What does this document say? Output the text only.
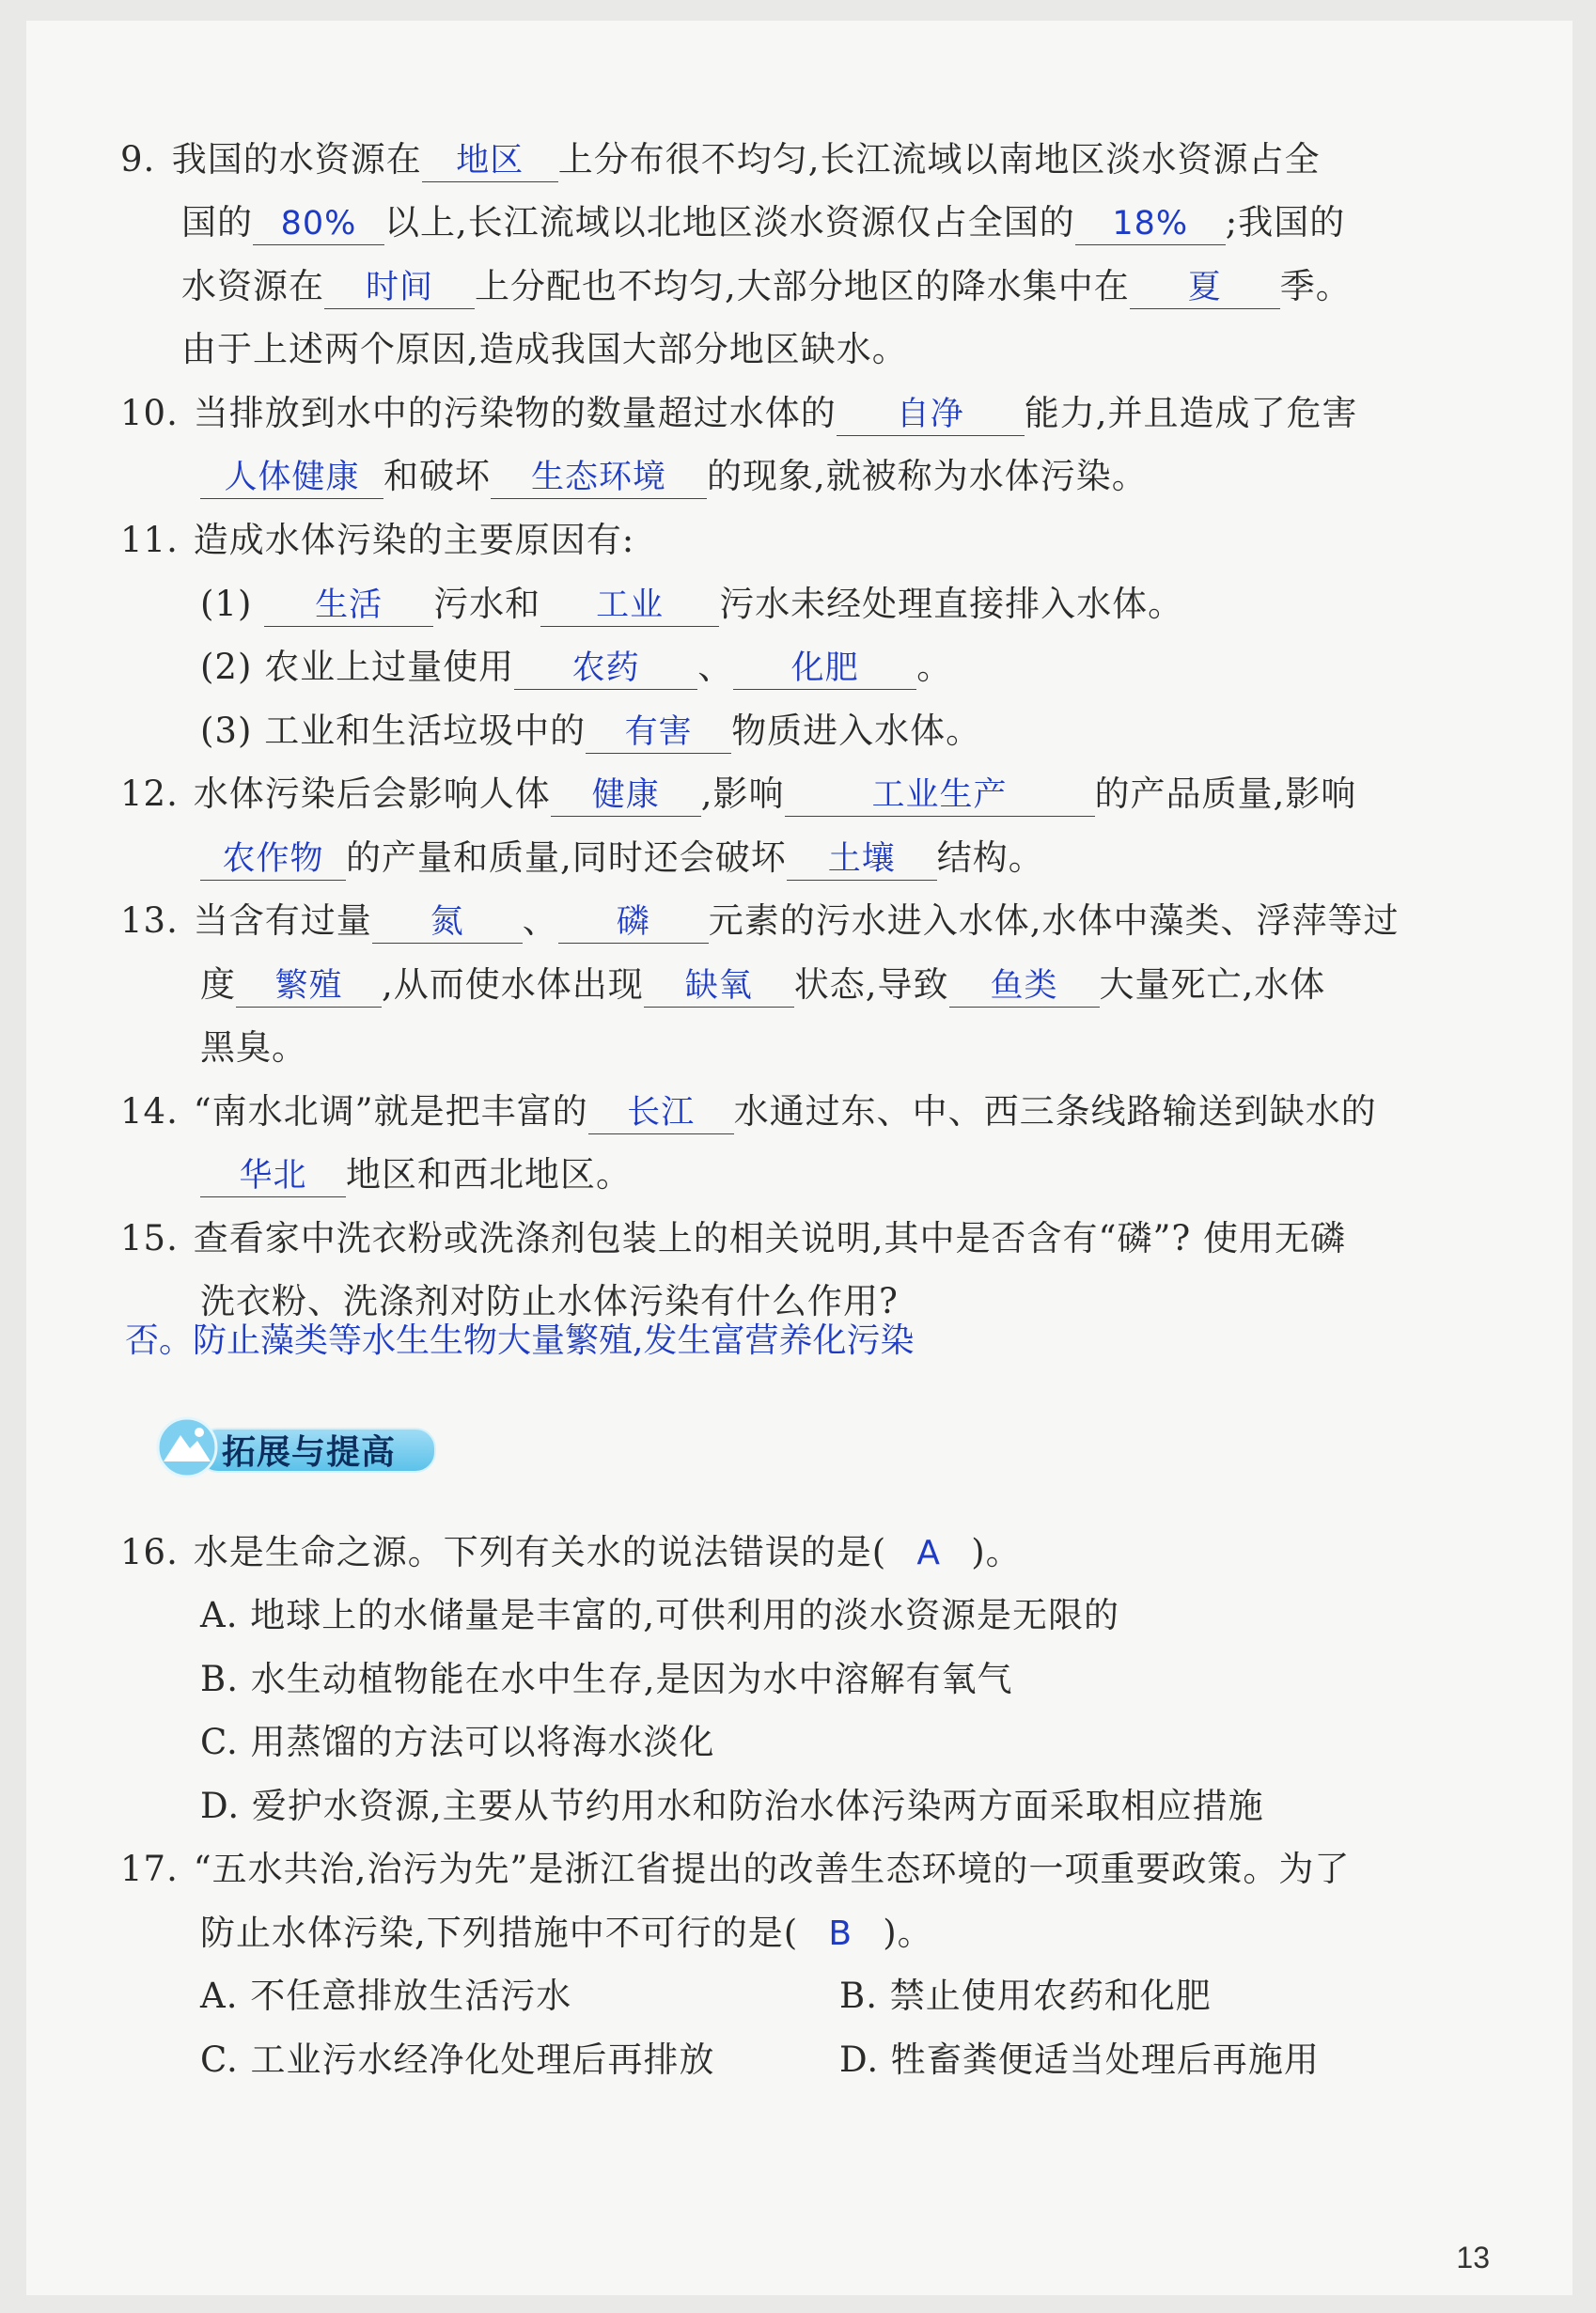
9. 我国的水资源在 地区 上分布很不均匀,长江流域以南地区淡水资源占全
国的 80% 以上,长江流域以北地区淡水资源仅占全国的 18% ;我国的
水资源在 时间 上分配也不均匀,大部分地区的降水集中在 夏 季。
由于上述两个原因,造成我国大部分地区缺水。
10. 当排放到水中的污染物的数量超过水体的 自净 能力,并且造成了危害
人体健康 和破坏 生态环境 的现象,就被称为水体污染。
11. 造成水体污染的主要原因有:
(1) 生活 污水和 工业 污水未经处理直接排入水体。
(2) 农业上过量使用 农药 、 化肥 。
(3) 工业和生活垃圾中的 有害 物质进入水体。
12. 水体污染后会影响人体 健康 ,影响	工业生产	的产品质量,影响
农作物 的产量和质量,同时还会破坏 土壤 结构。
13. 当含有过量 氮 、 磷 元素的污水进入水体,水体中藻类、浮萍等过
度 繁殖 ,从而使水体出现 缺氧 状态,导致 鱼类 大量死亡,水体
黑臭。
14. “南水北调”就是把丰富的 长江 水通过东、中、西三条线路输送到缺水的
华北 地区和西北地区。
15. 查看家中洗衣粉或洗涤剂包装上的相关说明,其中是否含有“磷”? 使用无磷
洗衣粉、洗涤剂对防止水体污染有什么作用?
否。防止藻类等水生生物大量繁殖,发生富营养化污染
拓展与提高
16. 水是生命之源。下列有关水的说法错误的是( A )。
A. 地球上的水储量是丰富的,可供利用的淡水资源是无限的
B. 水生动植物能在水中生存,是因为水中溶解有氧气
C. 用蒸馏的方法可以将海水淡化
D. 爱护水资源,主要从节约用水和防治水体污染两方面采取相应措施
17. “五水共治,治污为先”是浙江省提出的改善生态环境的一项重要政策。为了
防止水体污染,下列措施中不可行的是( B )。
A. 不任意排放生活污水	B. 禁止使用农药和化肥
C. 工业污水经净化处理后再排放	D. 牲畜粪便适当处理后再施用
13
